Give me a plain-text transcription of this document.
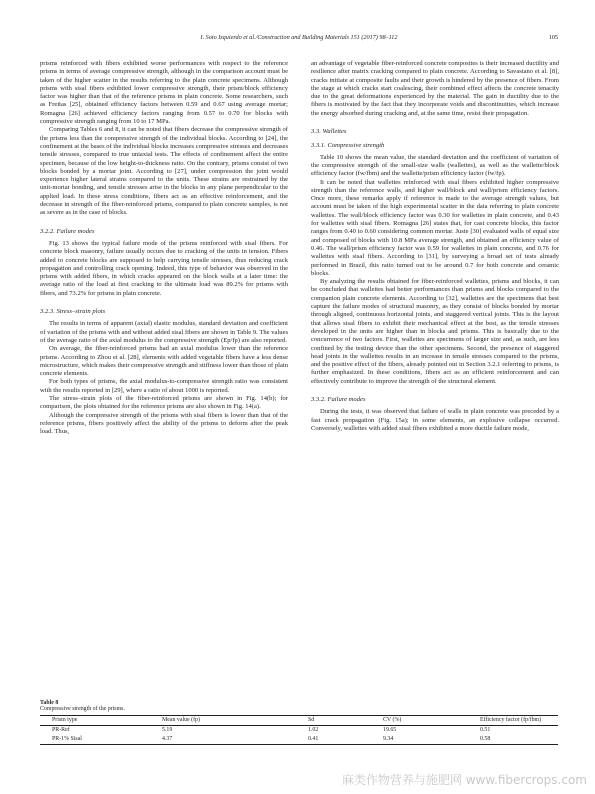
I. Soto Izquierdo et al./Construction and Building Materials 151 (2017) 98–112	105

prisms reinforced with fibers exhibited worse performances with respect to the reference prisms in terms of average compressive strength, although in the comparison account must be taken of the higher scatter in the results referring to the plain concrete specimens. Although prisms with sisal fibers exhibited lower compressive strength, their prism/block efficiency factor was higher than that of the reference prisms in plain concrete. Some researchers, such as Freitas [25], obtained efficiency factors between 0.59 and 0.67 using average mortar; Romagna [26] achieved efficiency factors ranging from 0.57 to 0.70 for blocks with compressive strength ranging from 10 to 17 MPa.

Comparing Tables 6 and 8, it can be noted that fibers decrease the compressive strength of the prisms less than the compressive strength of the individual blocks. According to [24], the confinement at the bases of the individual blocks increases compressive stresses and decreases tensile stresses, compared to true uniaxial tests. The effects of confinement affect the entire specimen, because of the low height-to-thickness ratio. On the contrary, prisms consist of two blocks bonded by a mortar joint. According to [27], under compression the joint would experience higher lateral strains compared to the units. These strains are restrained by the unit-mortar bonding, and tensile stresses arise in the blocks in any plane perpendicular to the applied load. In these stress conditions, fibers act as an effective reinforcement, and the decrease in strength of the fiber-reinforced prisms, compared to plain concrete samples, is not as severe as in the case of blocks.

3.2.2. Failure modes

Fig. 13 shows the typical failure mode of the prisms reinforced with sisal fibers. For concrete block masonry, failure usually occurs due to cracking of the units in tension. Fibers added to concrete blocks are supposed to help carrying tensile stresses, thus reducing crack propagation and controlling crack opening. Indeed, this type of behavior was observed in the prisms with added fibers, in which cracks appeared on the block walls at a later time: the average ratio of the load at first cracking to the ultimate load was 89.2% for prisms with fibers, and 73.2% for prisms in plain concrete.

3.2.3. Stress–strain plots

The results in terms of apparent (axial) elastic modulus, standard deviation and coefficient of variation of the prisms with and without added sisal fibers are shown in Table 9. The values of the average ratio of the axial modulus to the compressive strength (Ep/fp) are also reported.

On average, the fiber-reinforced prisms had an axial modulus lower than the reference prisms. According to Zhou et al. [28], elements with added vegetable fibers have a less dense microstructure, which makes their compressive strength and stiffness lower than those of plain concrete elements.

For both types of prisms, the axial modulus-to-compressive strength ratio was consistent with the results reported in [29], where a ratio of about 1000 is reported.

The stress–strain plots of the fiber-reinforced prisms are shown in Fig. 14(b); for comparison, the plots obtained for the reference prisms are also shown in Fig. 14(a).

Although the compressive strength of the prisms with sisal fibers is lower than that of the reference prisms, fibers positively affect the ability of the prisms to deform after the peak load. Thus,

an advantage of vegetable fiber-reinforced concrete composites is their increased ductility and resilience after matrix cracking compared to plain concrete. According to Savastano et al. [8], cracks initiate at composite faults and their growth is hindered by the presence of fibers. From the stage at which cracks start coalescing, their combined effect affects the concrete tenacity due to the great deformations experienced by the material. The gain in ductility due to the fibers is motivated by the fact that they incorporate voids and discontinuities, which increase the energy absorbed during cracking and, at the same time, resist their propagation.

3.3. Wallettes
3.3.1. Compressive strength

Table 10 shows the mean value, the standard deviation and the coefficient of variation of the compressive strength of the small-size walls (wallettes), as well as the wallette/block efficiency factor (fw/fbm) and the wallette/prism efficiency factor (fw/fp).

It can be noted that wallettes reinforced with sisal fibers exhibited higher compressive strength than the reference walls, and higher wall/block and wall/prism efficiency factors. Once more, these remarks apply if reference is made to the average strength values, but account must be taken of the high experimental scatter in the data referring to plain concrete wallettes. The wall/block efficiency factor was 0.30 for wallettes in plain concrete, and 0.43 for wallettes with sisal fibers. Romagna [26] states that, for cast concrete blocks, this factor ranges from 0.40 to 0.60 considering common mortar. Juste [30] evaluated walls of equal size and composed of blocks with 10.8 MPa average strength, and obtained an efficiency value of 0.46. The wall/prism efficiency factor was 0.59 for wallettes in plain concrete, and 0.76 for wallettes with sisal fibers. According to [31], by surveying a broad set of tests already performed in Brazil, this ratio turned out to be around 0.7 for both concrete and ceramic blocks.

By analyzing the results obtained for fiber-reinforced wallettes, prisms and blocks, it can be concluded that wallettes had better performances than prisms and blocks compared to the companion plain concrete elements. According to [32], wallettes are the specimens that best capture the failure modes of structural masonry, as they consist of blocks bonded by mortar through aligned, continuous horizontal joints, and staggered vertical joints. This is the layout that allows sisal fibers to exhibit their mechanical effect at the best, as the tensile stresses developed in the units are higher than in blocks and prisms. This is basically due to the concurrence of two factors. First, wallettes are specimens of larger size and, as such, are less confined by the testing device than the other specimens. Second, the presence of staggered head joints in the wallettes results in an increase in tensile stresses compared to the prisms, and the positive effect of the fibers, already pointed out in Section 3.2.1 referring to prisms, is further emphasized. In these conditions, fibers act as an efficient reinforcement and can effectively contribute to improve the strength of the structural element.

3.3.2. Failure modes

During the tests, it was observed that failure of walls in plain concrete was preceded by a fast crack propagation (Fig. 15a); in some elements, an explosive collapse occurred. Conversely, wallettes with added sisal fibers exhibited a more ductile failure mode,

Table 8
Compressive strength of the prisms.
Prism type	Mean value (fp)	Sd	CV (%)	Efficiency factor (fp/fbm)
PR-Ref	5.19	1.02	19.65	0.51
PR-1% Sisal	4.37	0.41	9.34	0.58
麻类作物营养与施肥网 www.fibercrops.com
